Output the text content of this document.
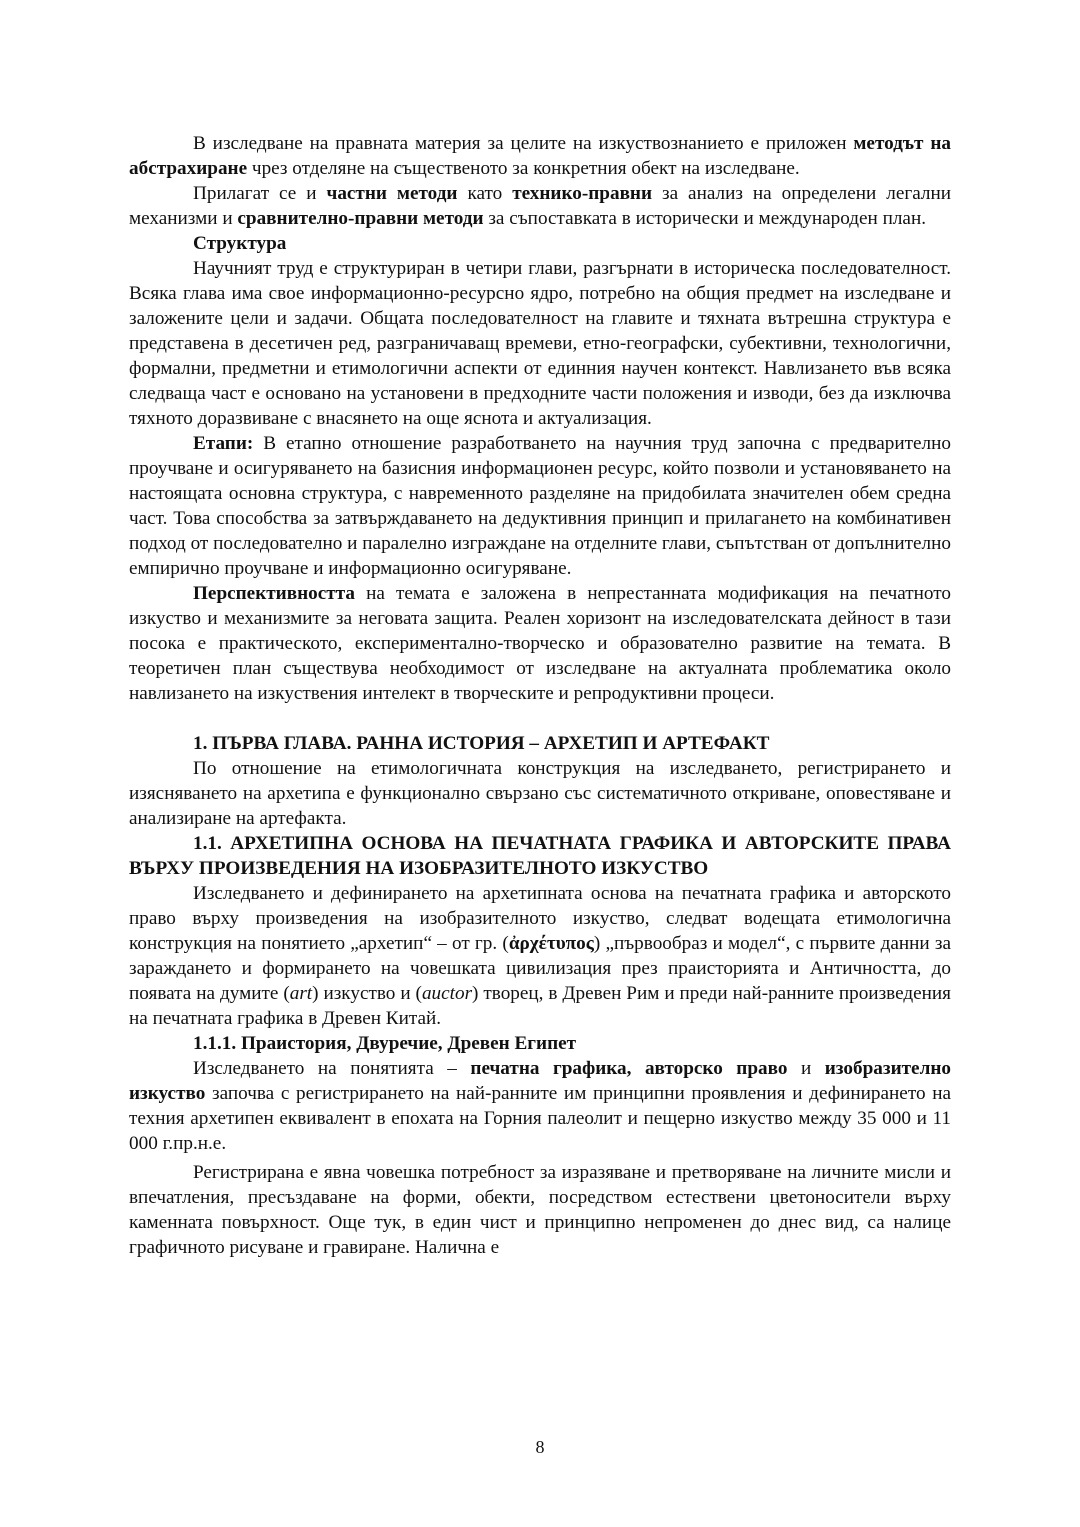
В изследване на правната материя за целите на изкуствознанието е приложен методът на абстрахиране чрез отделяне на същественото за конкретния обект на изследване.

Прилагат се и частни методи като технико-правни за анализ на определени легални механизми и сравнително-правни методи за съпоставката в исторически и международен план.

Структура

Научният труд е структуриран в четири глави, разгърнати в историческа последователност. Всяка глава има свое информационно-ресурсно ядро, потребно на общия предмет на изследване и заложените цели и задачи. Общата последователност на главите и тяхната вътрешна структура е представена в десетичен ред, разграничаващ времеви, етно-географски, субективни, технологични, формални, предметни и етимологични аспекти от единния научен контекст. Навлизането във всяка следваща част е основано на установени в предходните части положения и изводи, без да изключва тяхното доразвиване с внасянето на още яснота и актуализация.

Етапи: В етапно отношение разработването на научния труд започна с предварително проучване и осигуряването на базисния информационен ресурс, който позволи и установяването на настоящата основна структура, с навременното разделяне на придобилата значителен обем средна част. Това способства за затвърждаването на дедуктивния принцип и прилагането на комбинативен подход от последователно и паралелно изграждане на отделните глави, съпътстван от допълнително емпирично проучване и информационно осигуряване.

Перспективността на темата е заложена в непрестанната модификация на печатното изкуство и механизмите за неговата защита. Реален хоризонт на изследователската дейност в тази посока е практическото, експериментално-творческо и образователно развитие на темата. В теоретичен план съществува необходимост от изследване на актуалната проблематика около навлизането на изкуствения интелект в творческите и репродуктивни процеси.

1. ПЪРВА ГЛАВА. РАННА ИСТОРИЯ – АРХЕТИП И АРТЕФАКТ

По отношение на етимологичната конструкция на изследването, регистрирането и изясняването на архетипа е функционално свързано със систематичното откриване, оповестяване и анализиране на артефакта.

1.1. АРХЕТИПНА ОСНОВА НА ПЕЧАТНАТА ГРАФИКА И АВТОРСКИТЕ ПРАВА ВЪРХУ ПРОИЗВЕДЕНИЯ НА ИЗОБРАЗИТЕЛНОТО ИЗКУСТВО

Изследването и дефинирането на архетипната основа на печатната графика и авторското право върху произведения на изобразителното изкуство, следват водещата етимологична конструкция на понятието „архетип“ – от гр. (ἀρχέτυπος) „първообраз и модел“, с първите данни за зараждането и формирането на човешката цивилизация през праисторията и Античността, до появата на думите (art) изкуство и (auctor) творец, в Древен Рим и преди най-ранните произведения на печатната графика в Древен Китай.

1.1.1. Праистория, Двуречие, Древен Египет

Изследването на понятията – печатна графика, авторско право и изобразително изкуство започва с регистрирането на най-ранните им принципни проявления и дефинирането на техния архетипен еквивалент в епохата на Горния палеолит и пещерно изкуство между 35 000 и 11 000 г.пр.н.е.

Регистрирана е явна човешка потребност за изразяване и претворяване на личните мисли и впечатления, пресъздаване на форми, обекти, посредством естествени цветоносители върху каменната повърхност. Още тук, в един чист и принципно непроменен до днес вид, са налице графичното рисуване и гравиране. Налична е

8
